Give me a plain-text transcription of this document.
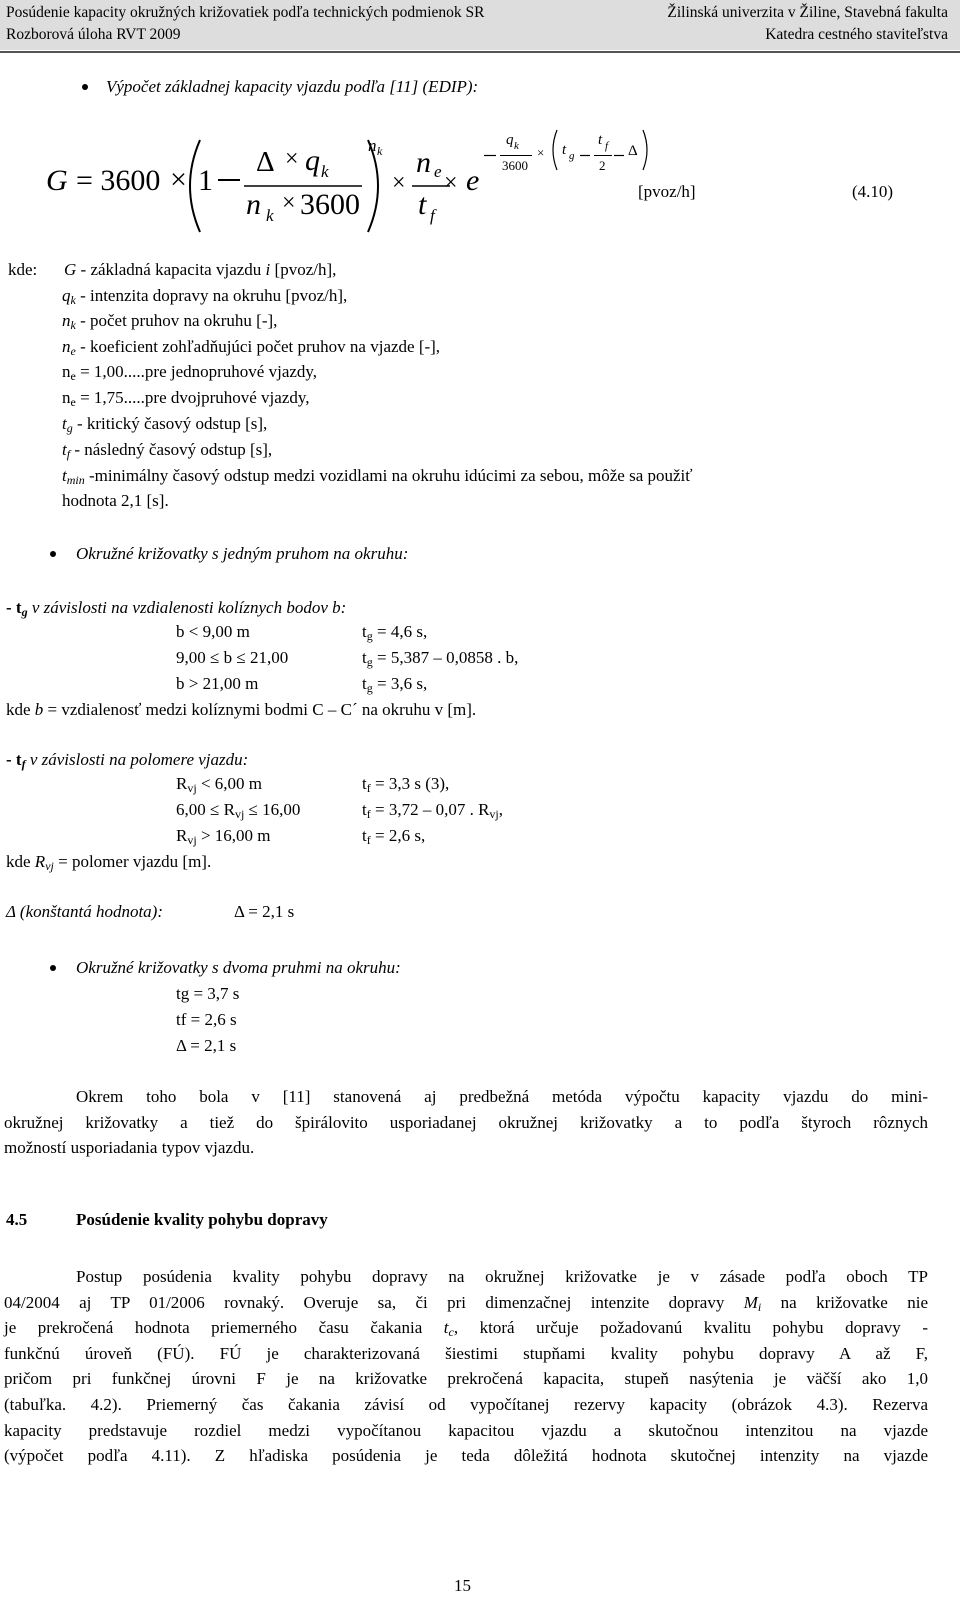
Posúdenie kapacity okružných križovatiek podľa technických podmienok SR
Rozborová úloha RVT 2009
Žilinská univerzita v Žiline, Stavebná fakulta
Katedra cestného staviteľstva
Výpočet základnej kapacity vjazdu podľa [11] (EDIP):
G = 3600 × 1
Δ × q k
n k × 3600
n k
×
n e
t f
× e
q k
3600
× t g
t f
2
Δ
[pvoz/h]	(4.10)
kde: G - základná kapacita vjazdu i [pvoz/h],
$q_k$ - intenzita dopravy na okruhu [pvoz/h],
$n_k$ - počet pruhov na okruhu [-],
$n_e$ - koeficient zohľadňujúci počet pruhov na vjazde [-],
$n_e = 1,00.....pre$ jednopruhové vjazdy,
$n_e = 1,75.....pre$ dvojpruhové vjazdy,
$t_g$ - kritický časový odstup [s],
$t_f$ - následný časový odstup [s],
$t_{min}$ -minimálny časový odstup medzi vozidlami na okruhu idúcimi za sebou, môže sa použiť
hodnota 2,1 [s].
Okružné križovatky s jedným pruhom na okruhu:
- $t_g$ v závislosti na vzdialenosti kolíznych bodov b:
b < 9,00 m	$t_g = 4,6$ s,
9,00 ≤ b ≤ 21,00	$t_g = 5,387 - 0,0858$ . b,
b > 21,00 m	$t_g = 3,6$ s,
kde b = vzdialenosť medzi kolíznymi bodmi C – C´ na okruhu v [m].
- $t_f$ v závislosti na polomere vjazdu:
$R_{vj} < 6,00$ m	$t_f = 3,3$ s (3),
$6,00 \le R_{vj} \le 16,00$	$t_f = 3,72 - 0,07$ . $R_{vj}$,
$R_{vj} > 16,00$ m	$t_f = 2,6$ s,
kde $R_{vj}$ = polomer vjazdu [m].
Δ (konštantá hodnota):	Δ = 2,1 s
Okružné križovatky s dvoma pruhmi na okruhu:
tg = 3,7 s
tf = 2,6 s
Δ = 2,1 s
Okrem toho bola v [11] stanovená aj predbežná metóda výpočtu kapacity vjazdu do mini-
okružnej križovatky a tiež do špirálovito usporiadanej okružnej križovatky a to podľa štyroch rôznych
možností usporiadania typov vjazdu.
4.5	Posúdenie kvality pohybu dopravy
Postup posúdenia kvality pohybu dopravy na okružnej križovatke je v zásade podľa oboch TP
04/2004 aj TP 01/2006 rovnaký. Overuje sa, či pri dimenzačnej intenzite dopravy $M_i$ na križovatke nie
je prekročená hodnota priemerného času čakania $t_c$, ktorá určuje požadovanú kvalitu pohybu dopravy -
funkčnú úroveň (FÚ). FÚ je charakterizovaná šiestimi stupňami kvality pohybu dopravy A až F,
pričom pri funkčnej úrovni F je na križovatke prekročená kapacita, stupeň nasýtenia je väčší ako 1,0
(tabuľka. 4.2). Priemerný čas čakania závisí od vypočítanej rezervy kapacity (obrázok 4.3). Rezerva
kapacity predstavuje rozdiel medzi vypočítanou kapacitou vjazdu a skutočnou intenzitou na vjazde
(výpočet podľa 4.11). Z hľadiska posúdenia je teda dôležitá hodnota skutočnej intenzity na vjazde
15
